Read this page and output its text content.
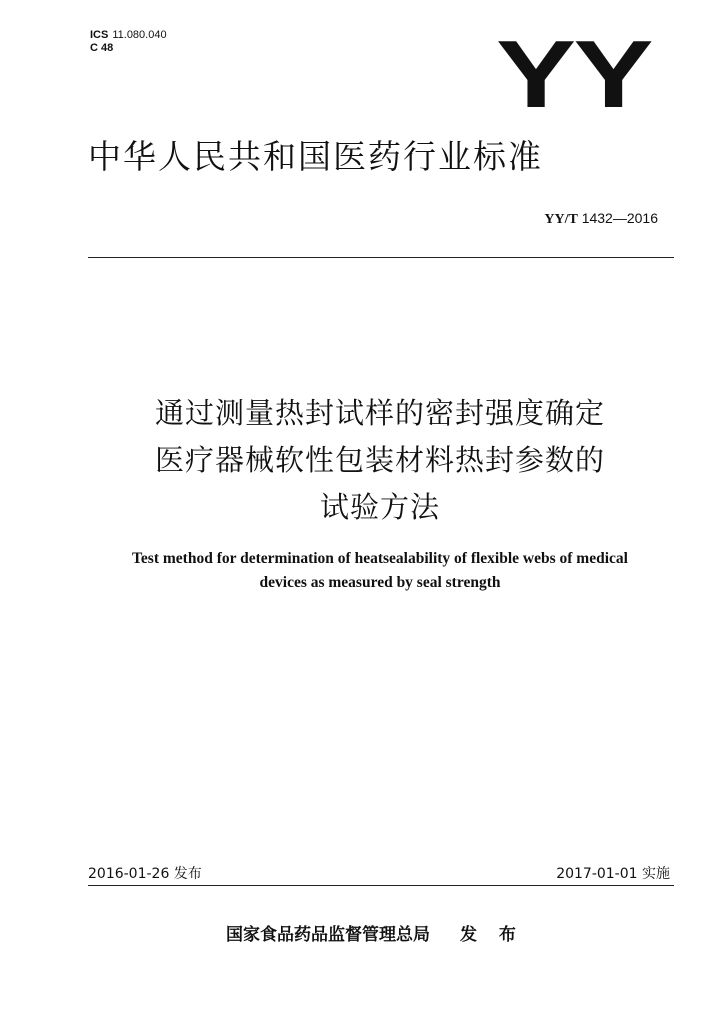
ICS 11.080.040
C 48	YY
中华人民共和国医药行业标准
YY/T 1432—2016
通过测量热封试样的密封强度确定
医疗器械软性包装材料热封参数的
试验方法
Test method for determination of heatsealability of flexible webs of medical
devices as measured by seal strength
2016-01-26 发布	2017-01-01 实施
国家食品药品监督管理总局 发 布
